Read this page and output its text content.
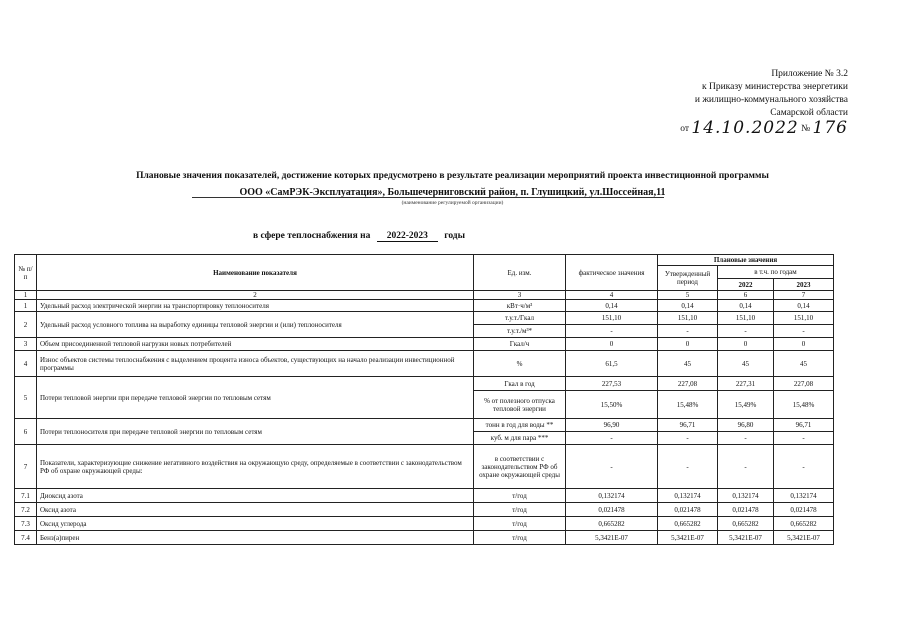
Приложение № 3.2
к Приказу министерства энергетики
и жилищно-коммунального хозяйства
Самарской области
от 14.10.2022 № 176
Плановые значения показателей, достижение которых предусмотрено в результате реализации мероприятий проекта инвестиционной программы
ООО «СамРЭК-Эксплуатация», Большечерниговский район, п. Глушицкий, ул.Шоссейная,11
(наименование регулируемой организации)
в сфере теплоснабжения на 2022-2023 годы
№ п/п	Наименование показателя	Ед. изм.	фактическое значения	Плановые значения		
				Утвержденный период	в т.ч. по годам	
					2022	2023
1	2	3	4	5	6	7
1	Удельный расход электрической энергии на транспортировку теплоносителя	кВт·ч/м³	0,14	0,14	0,14	0,14
2	Удельный расход условного топлива на выработку единицы тепловой энергии и (или) теплоносителя	т.у.т./Гкал	151,10	151,10	151,10	151,10
		т.у.т./м³*	-	-	-	-
3	Объем присоединенной тепловой нагрузки новых потребителей	Гкал/ч	0	0	0	0
4	Износ объектов системы теплоснабжения с выделением процента износа объектов, существующих на начало реализации инвестиционной программы	%	61,5	45	45	45
5	Потери тепловой энергии при передаче тепловой энергии по тепловым сетям	Гкал в год	227,53	227,08	227,31	227,08
		% от полезного отпуска тепловой энергии	15,50%	15,48%	15,49%	15,48%
6	Потери теплоносителя при передаче тепловой энергии по тепловым сетям	тонн в год для воды **	96,90	96,71	96,80	96,71
		куб. м для пара ***	-	-	-	-
7	Показатели, характеризующие снижение негативного воздействия на окружающую среду, определяемые в соответствии с законодательством РФ об охране окружающей среды:	в соответствии с законодательством РФ об охране окружающей среды	-	-	-	-
7.1	Диоксид азота	т/год	0,132174	0,132174	0,132174	0,132174
7.2	Оксид азота	т/год	0,021478	0,021478	0,021478	0,021478
7.3	Оксид углерода	т/год	0,665282	0,665282	0,665282	0,665282
7.4	Бенз(а)пирен	т/год	5,3421E-07	5,3421E-07	5,3421E-07	5,3421E-07
